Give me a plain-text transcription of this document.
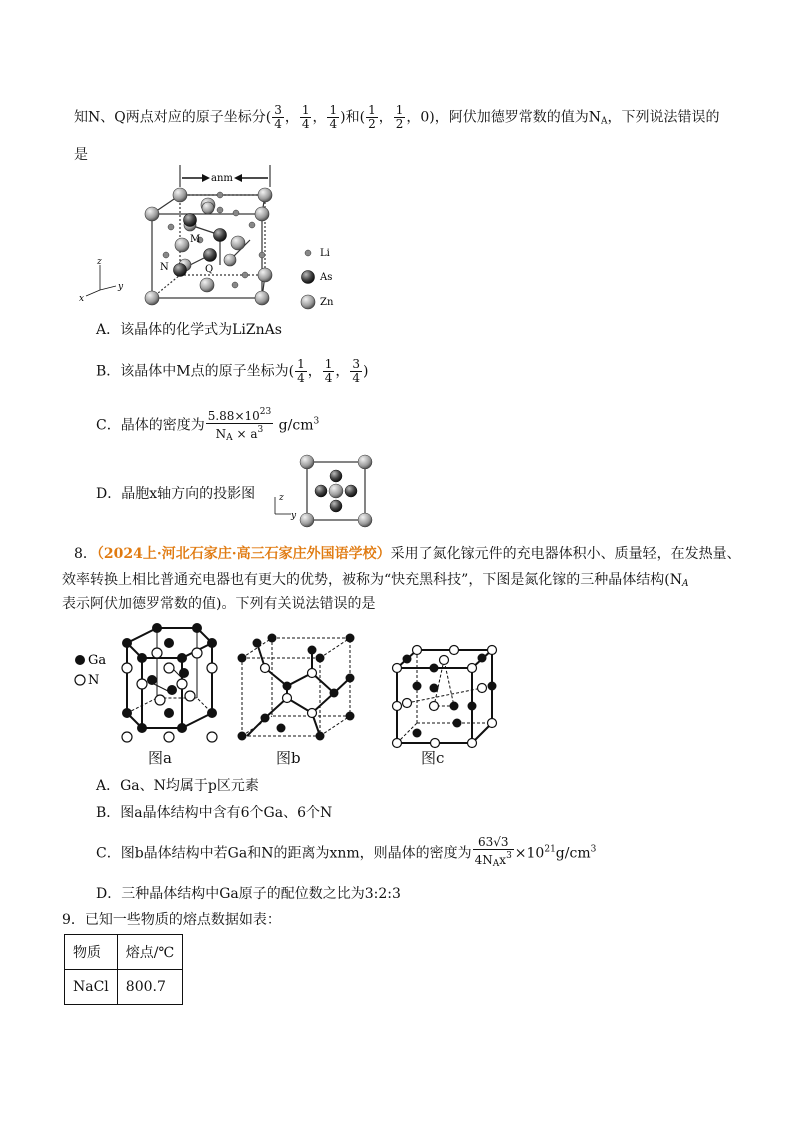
知N、Q两点对应的原子坐标分( $\frac{3}{4}$ ， $\frac{1}{4}$ ， $\frac{1}{4}$ )和( $\frac{1}{2}$ ， $\frac{1}{2}$ ，0)，阿伏加德罗常数的值为$N_A$，下列说法错误的
是
anm
M
N	Q
z
y
x
Li
As
Zn
A．该晶体的化学式为LiZnAs
B．该晶体中M点的原子坐标为( $\frac{1}{4}$ ， $\frac{1}{4}$ ， $\frac{3}{4}$ )
C．晶体的密度为 $\frac{5.88\times 10^{23}}{N_A \times a^3} g/cm^3$
D．晶胞x轴方向的投影图	z
y
8．（2024上·河北石家庄·高三石家庄外国语学校）采用了氮化镓元件的充电器体积小、质量轻，在发热量、
效率转换上相比普通充电器也有更大的优势，被称为“快充黑科技”，下图是氮化镓的三种晶体结构($N_A$
表示阿伏加德罗常数的值)。下列有关说法错误的是
Ga
N
图a	图b	图c
A．Ga、N均属于p区元素
B．图a晶体结构中含有6个Ga、6个N
C．图b晶体结构中若Ga和N的距离为xnm，则晶体的密度为 $\frac{63√3}{4N_Ax^3} \times 10^{21}g/cm^3$
D．三种晶体结构中Ga原子的配位数之比为3:2:3
9．已知一些物质的熔点数据如表：
物质	熔点/℃
NaCl	800.7
